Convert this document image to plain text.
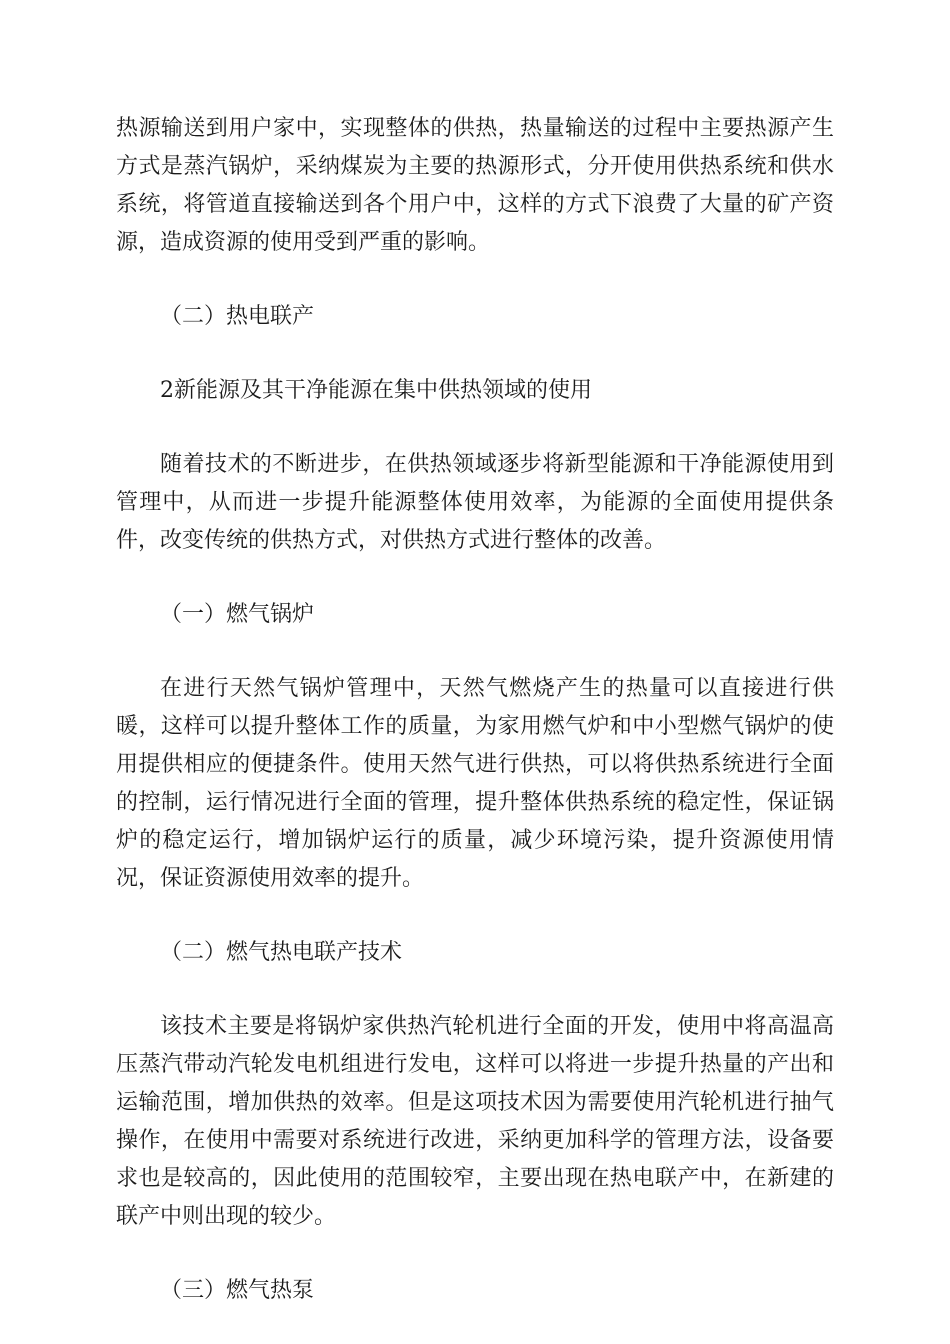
热源输送到用户家中，实现整体的供热，热量输送的过程中主要热源产生方式是蒸汽锅炉，采纳煤炭为主要的热源形式，分开使用供热系统和供水系统，将管道直接输送到各个用户中，这样的方式下浪费了大量的矿产资源，造成资源的使用受到严重的影响。

（二）热电联产

2新能源及其干净能源在集中供热领域的使用

随着技术的不断进步，在供热领域逐步将新型能源和干净能源使用到管理中，从而进一步提升能源整体使用效率，为能源的全面使用提供条件，改变传统的供热方式，对供热方式进行整体的改善。

（一）燃气锅炉

在进行天然气锅炉管理中，天然气燃烧产生的热量可以直接进行供暖，这样可以提升整体工作的质量，为家用燃气炉和中小型燃气锅炉的使用提供相应的便捷条件。使用天然气进行供热，可以将供热系统进行全面的控制，运行情况进行全面的管理，提升整体供热系统的稳定性，保证锅炉的稳定运行，增加锅炉运行的质量，减少环境污染，提升资源使用情况，保证资源使用效率的提升。

（二）燃气热电联产技术

该技术主要是将锅炉家供热汽轮机进行全面的开发，使用中将高温高压蒸汽带动汽轮发电机组进行发电，这样可以将进一步提升热量的产出和运输范围，增加供热的效率。但是这项技术因为需要使用汽轮机进行抽气操作，在使用中需要对系统进行改进，采纳更加科学的管理方法，设备要求也是较高的，因此使用的范围较窄，主要出现在热电联产中，在新建的联产中则出现的较少。

（三）燃气热泵
